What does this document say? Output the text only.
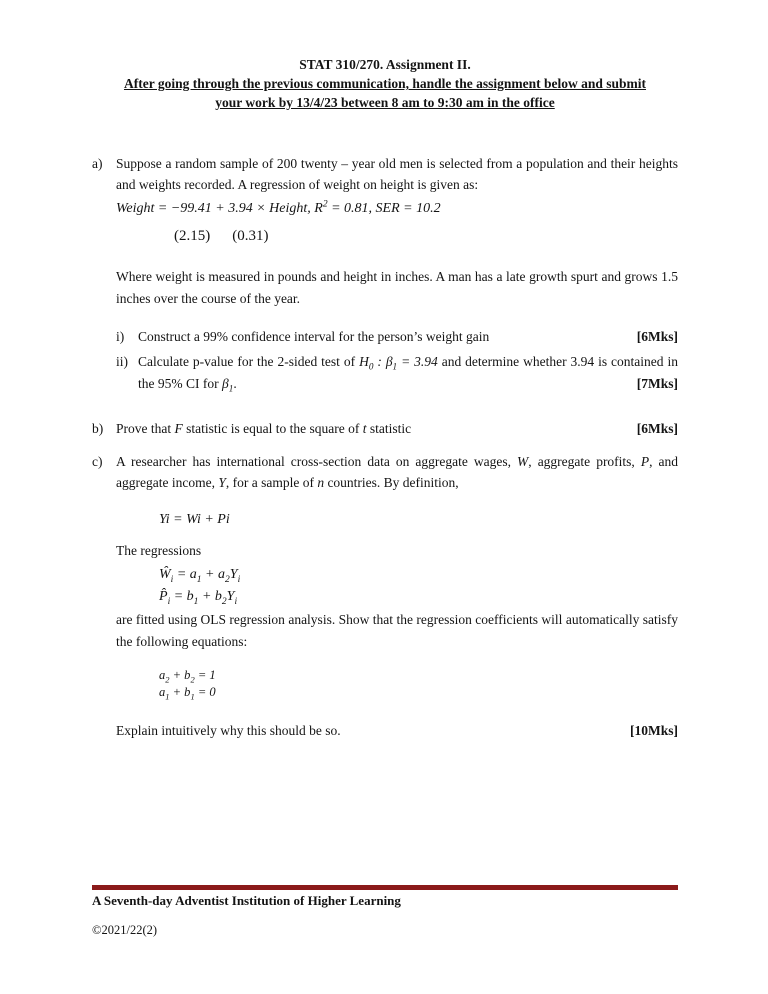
STAT 310/270. Assignment II.
After going through the previous communication, handle the assignment below and submit
your work by 13/4/23 between 8 am to 9:30 am in the office
a)	Suppose a random sample of 200 twenty – year old men is selected from a population and their heights and weights recorded. A regression of weight on height is given as:

Weight = −99.41 + 3.94 × Height, $R^2 = 0.81$, SER = 10.2
(2.15) (0.31)

Where weight is measured in pounds and height in inches. A man has a late growth spurt and grows 1.5 inches over the course of the year.

i)	Construct a 99% confidence interval for the person’s weight gain	[6Mks]
ii) Calculate p-value for the 2-sided test of $H_0$ : $\beta_1 = 3.94$ and determine whether 3.94 is contained in the 95% CI for $\beta_1$.	[7Mks]
b) Prove that F statistic is equal to the square of t statistic	[6Mks]
c)	A researcher has international cross-section data on aggregate wages, W, aggregate profits, P, and aggregate income, Y, for a sample of n countries. By definition,

Yi = Wi + Pi
The regressions
$Ŵ_i = a_1 + a_2Y_i$
$P̂_i = b_1 + b_2Y_i$

are fitted using OLS regression analysis. Show that the regression coefficients will automatically satisfy the following equations:

$a_2 + b_2 = 1$
$a_1 + b_1 = 0$
Explain intuitively why this should be so.	[10Mks]
A Seventh-day Adventist Institution of Higher Learning
©2021/22(2)
